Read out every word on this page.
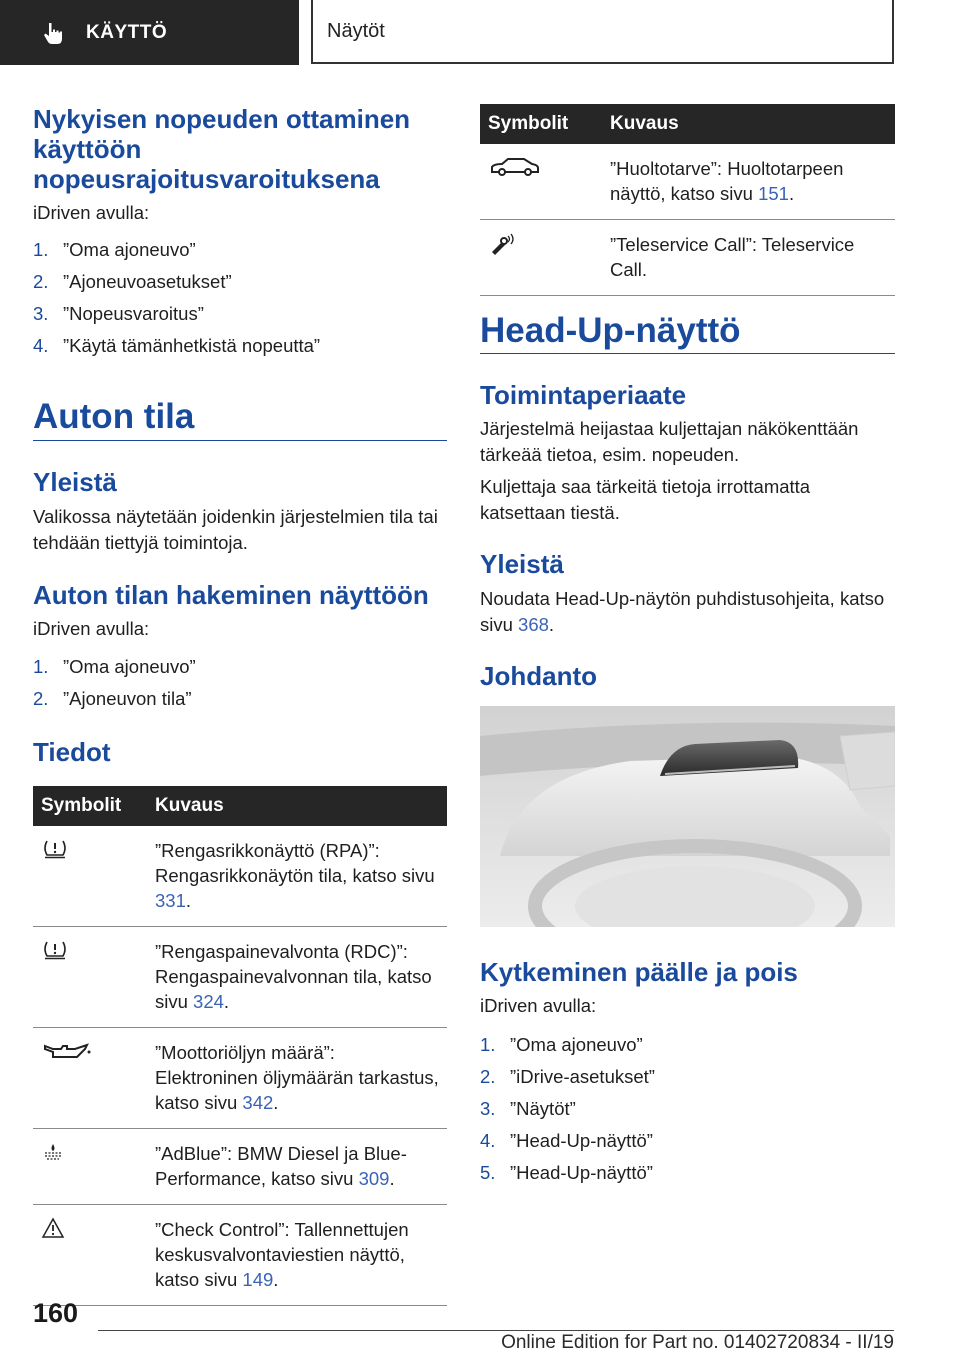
KÄYTTÖ	Näytöt
Nykyisen nopeuden ottaminen käyttöön nopeusrajoitusvaroituksena
iDriven avulla:
1. ”Oma ajoneuvo”
2. ”Ajoneuvoasetukset”
3. ”Nopeusvaroitus”
4. ”Käytä tämänhetkistä nopeutta”
Auton tila
Yleistä
Valikossa näytetään joidenkin järjestelmien tila tai tehdään tiettyjä toimintoja.
Auton tilan hakeminen näyttöön
iDriven avulla:
1. ”Oma ajoneuvo”
2. ”Ajoneuvon tila”
Tiedot
Symbolit	Kuvaus
	”Rengasrikkonäyttö (RPA)”: Rengasrikkonäytön tila, katso sivu 331.
	”Rengaspainevalvonta (RDC)”: Rengaspainevalvonnan tila, katso sivu 324.
	”Moottoriöljyn määrä”: Elektroninen öljymäärän tarkastus, katso sivu 342.
	”AdBlue”: BMW Diesel ja Blue-Performance, katso sivu 309.
	”Check Control”: Tallennettujen keskusvalvontaviestien näyttö, katso sivu 149.
Symbolit	Kuvaus
	”Huoltotarve”: Huoltotarpeen näyttö, katso sivu 151.
	”Teleservice Call”: Teleservice Call.
Head-Up-näyttö
Toimintaperiaate
Järjestelmä heijastaa kuljettajan näkökenttään tärkeää tietoa, esim. nopeuden.
Kuljettaja saa tärkeitä tietoja irrottamatta katsettaan tiestä.
Yleistä
Noudata Head-Up-näytön puhdistusohjeita, katso sivu 368.
Johdanto
Kytkeminen päälle ja pois
iDriven avulla:
1. ”Oma ajoneuvo”
2. ”iDrive-asetukset”
3. ”Näytöt”
4. ”Head-Up-näyttö”
5. ”Head-Up-näyttö”
160
Online Edition for Part no. 01402720834 - II/19
